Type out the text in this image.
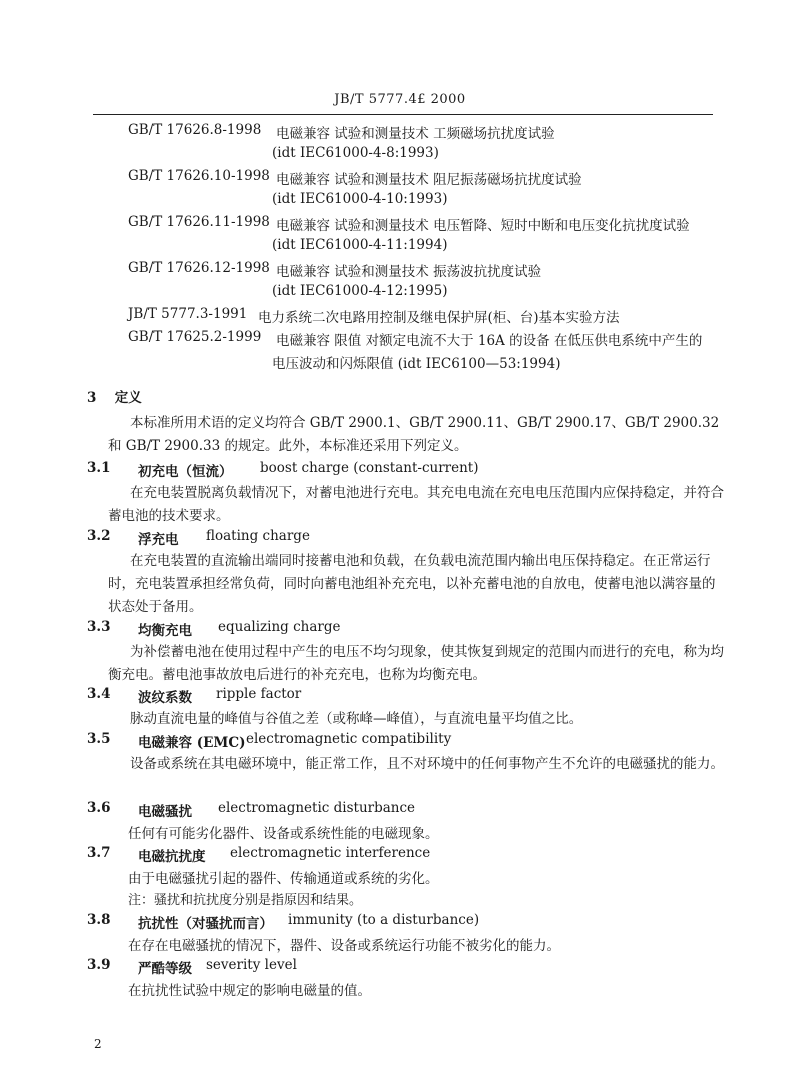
JB/T 5777.4£ 2000
GB/T 17626.8-1998 电磁兼容 试验和测量技术 工频磁场抗扰度试验
(idt IEC61000-4-8:1993)
GB/T 17626.10-1998 电磁兼容 试验和测量技术 阻尼振荡磁场抗扰度试验
(idt IEC61000-4-10:1993)
GB/T 17626.11-1998 电磁兼容 试验和测量技术 电压暂降、短时中断和电压变化抗扰度试验
(idt IEC61000-4-11:1994)
GB/T 17626.12-1998 电磁兼容 试验和测量技术 振荡波抗扰度试验
(idt IEC61000-4-12:1995)
JB/T 5777.3-1991 电力系统二次电路用控制及继电保护屏(柜、台)基本实验方法
GB/T 17625.2-1999 电磁兼容 限值 对额定电流不大于 16A 的设备 在低压供电系统中产生的
电压波动和闪烁限值 (idt IEC6100—53:1994)
3 定义
本标准所用术语的定义均符合 GB/T 2900.1、GB/T 2900.11、GB/T 2900.17、GB/T 2900.32 和 GB/T 2900.33 的规定。此外，本标准还采用下列定义。
3.1 初充电（恒流） boost charge (constant-current)
在充电装置脱离负载情况下，对蓄电池进行充电。其充电电流在充电电压范围内应保持稳定，并符合蓄电池的技术要求。
3.2 浮充电 floating charge
在充电装置的直流输出端同时接蓄电池和负载，在负载电流范围内输出电压保持稳定。在正常运行时，充电装置承担经常负荷，同时向蓄电池组补充充电，以补充蓄电池的自放电，使蓄电池以满容量的状态处于备用。
3.3 均衡充电 equalizing charge
为补偿蓄电池在使用过程中产生的电压不均匀现象，使其恢复到规定的范围内而进行的充电，称为均衡充电。蓄电池事故放电后进行的补充充电，也称为均衡充电。
3.4 波纹系数 ripple factor
脉动直流电量的峰值与谷值之差（或称峰—峰值），与直流电量平均值之比。
3.5 电磁兼容 (EMC) electromagnetic compatibility
设备或系统在其电磁环境中，能正常工作，且不对环境中的任何事物产生不允许的电磁骚扰的能力。
3.6 电磁骚扰 electromagnetic disturbance
任何有可能劣化器件、设备或系统性能的电磁现象。
3.7 电磁抗扰度 electromagnetic interference
由于电磁骚扰引起的器件、传输通道或系统的劣化。
注：骚扰和抗扰度分别是指原因和结果。
3.8 抗扰性（对骚扰而言） immunity (to a disturbance)
在存在电磁骚扰的情况下，器件、设备或系统运行功能不被劣化的能力。
3.9 严酷等级 severity level
在抗扰性试验中规定的影响电磁量的值。
2
